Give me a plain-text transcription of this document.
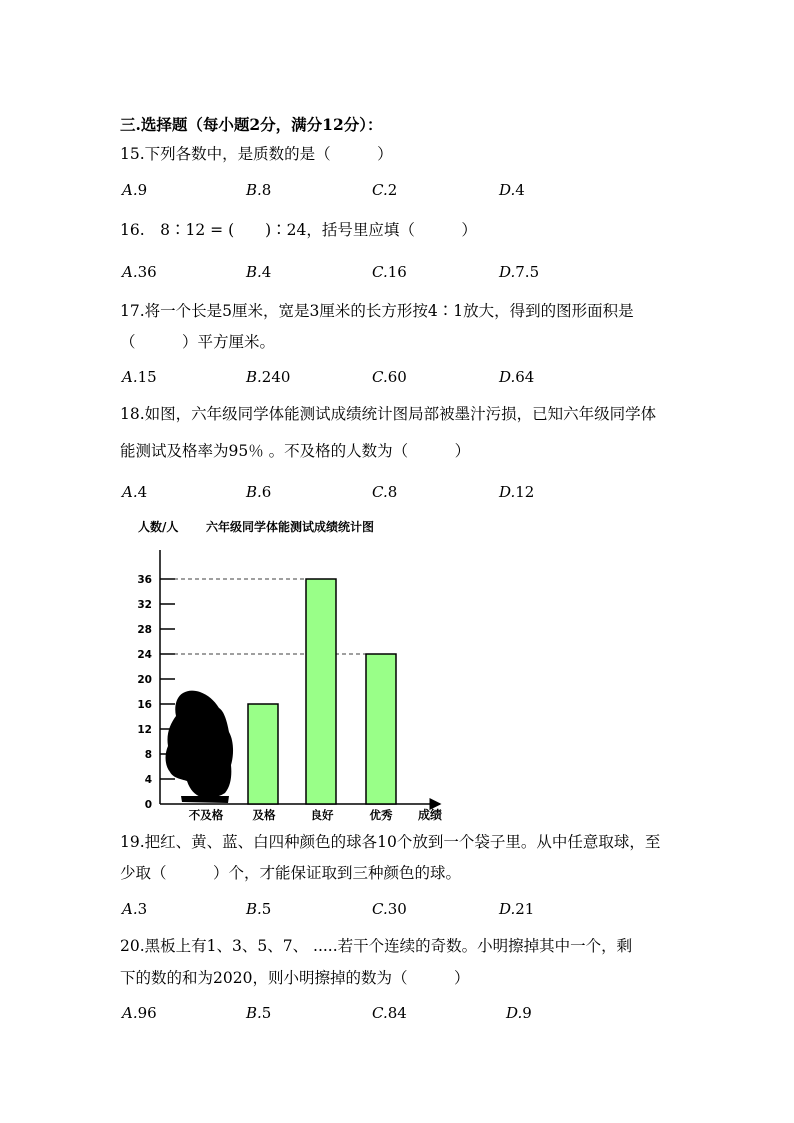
三.选择题（每小题2分，满分12分）：
15.下列各数中，是质数的是（　　　）
A.9	B.8	C.2	D.4
16.　8∶12 = (　　)∶24，括号里应填（　　　）
A.36	B.4	C.16	D.7.5
17.将一个长是5厘米，宽是3厘米的长方形按4∶1放大，得到的图形面积是
（　　　）平方厘米。
A.15	B.240	C.60	D.64
18.如图，六年级同学体能测试成绩统计图局部被墨汁污损，已知六年级同学体
能测试及格率为95％ 。不及格的人数为（　　　）
A.4	B.6	C.8	D.12
人数/人 六年级同学体能测试成绩统计图
成绩
0
4
8
12
16
20
24
28
32
36
不及格	及格	良好	优秀
19.把红、黄、蓝、白四种颜色的球各10个放到一个袋子里。从中任意取球，至
少取（　　　）个，才能保证取到三种颜色的球。
A.3	B.5	C.30	D.21
20.黑板上有1、3、5、7、 .....若干个连续的奇数。小明擦掉其中一个，剩
下的数的和为2020，则小明擦掉的数为（　　　）
A.96	B.5	C.84	D.9
